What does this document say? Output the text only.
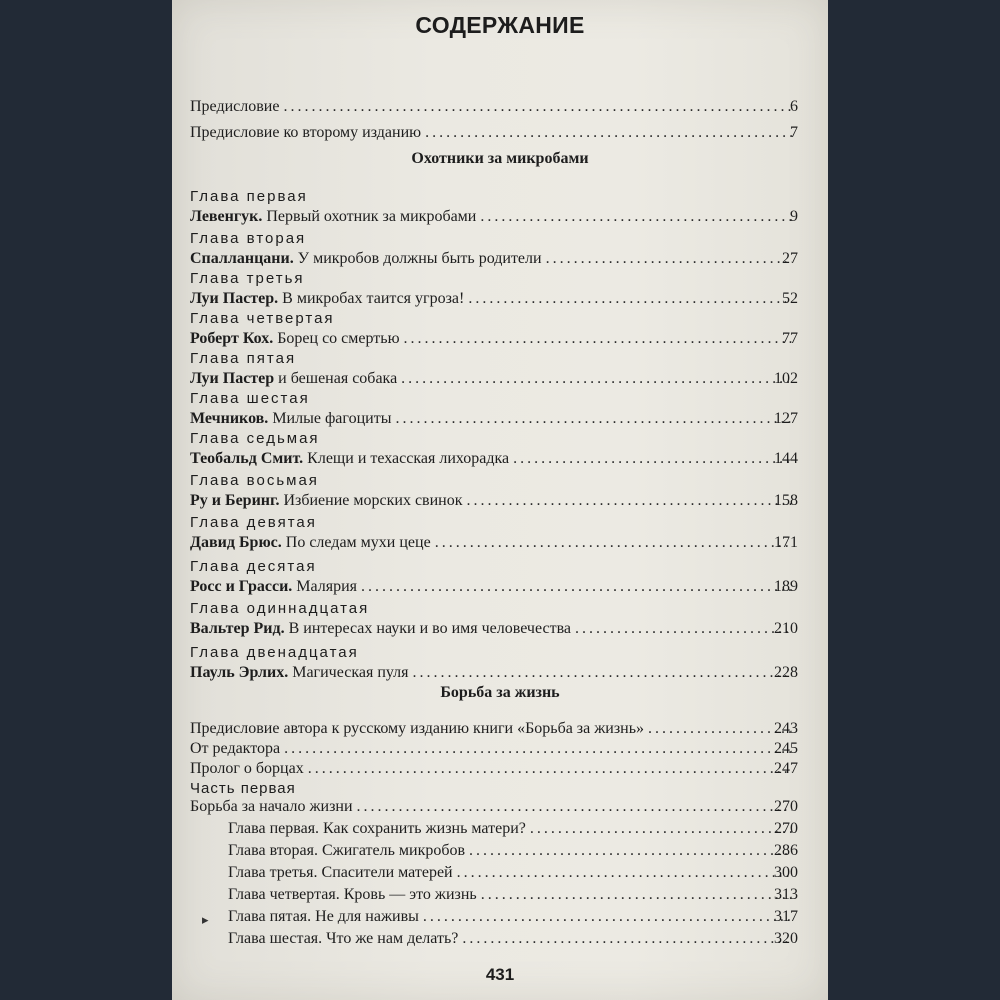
СОДЕРЖАНИЕ
Предисловие .....	6
Предисловие ко второму изданию .....	7
Охотники за микробами
Глава первая
Левенгук. Первый охотник за микробами .....	9
Глава вторая
Спалланцани. У микробов должны быть родители .....	27
Глава третья
Луи Пастер. В микробах таится угроза! .....	52
Глава четвертая
Роберт Кох. Борец со смертью .....	77
Глава пятая
Луи Пастер и бешеная собака .....	102
Глава шестая
Мечников. Милые фагоциты .....	127
Глава седьмая
Теобальд Смит. Клещи и техасская лихорадка .....	144
Глава восьмая
Ру и Беринг. Избиение морских свинок .....	158
Глава девятая
Давид Брюс. По следам мухи цеце .....	171
Глава десятая
Росс и Грасси. Малярия .....	189
Глава одиннадцатая
Вальтер Рид. В интересах науки и во имя человечества .....	210
Глава двенадцатая
Пауль Эрлих. Магическая пуля .....	228
Борьба за жизнь
Предисловие автора к русскому изданию книги «Борьба за жизнь» .....	243
От редактора .....	245
Пролог о борцах .....	247
Часть первая
Борьба за начало жизни .....	270
Глава первая. Как сохранить жизнь матери? .....	270
Глава вторая. Сжигатель микробов .....	286
Глава третья. Спасители матерей .....	300
Глава четвертая. Кровь — это жизнь .....	313
Глава пятая. Не для наживы .....	317
Глава шестая. Что же нам делать? .....	320
▸
431
